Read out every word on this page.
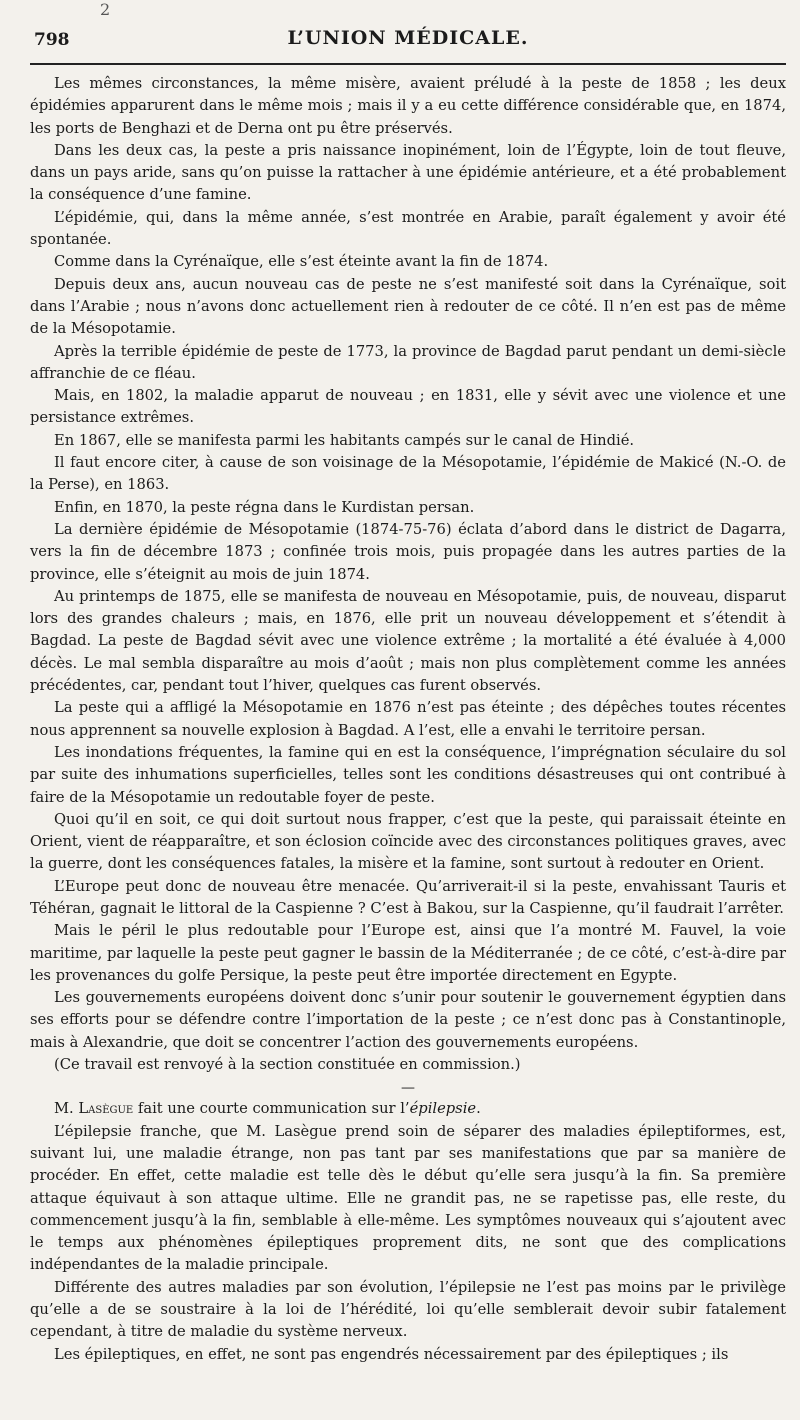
2
798	L’UNION MÉDICALE.

Les mêmes circonstances, la même misère, avaient préludé à la peste de 1858 ; les deux épidémies apparurent dans le même mois ; mais il y a eu cette différence considérable que, en 1874, les ports de Benghazi et de Derna ont pu être préservés.

Dans les deux cas, la peste a pris naissance inopinément, loin de l’Égypte, loin de tout fleuve, dans un pays aride, sans qu’on puisse la rattacher à une épidémie antérieure, et a été probablement la conséquence d’une famine.

L’épidémie, qui, dans la même année, s’est montrée en Arabie, paraît également y avoir été spontanée.

Comme dans la Cyrénaïque, elle s’est éteinte avant la fin de 1874.

Depuis deux ans, aucun nouveau cas de peste ne s’est manifesté soit dans la Cyrénaïque, soit dans l’Arabie ; nous n’avons donc actuellement rien à redouter de ce côté. Il n’en est pas de même de la Mésopotamie.

Après la terrible épidémie de peste de 1773, la province de Bagdad parut pendant un demi-siècle affranchie de ce fléau.

Mais, en 1802, la maladie apparut de nouveau ; en 1831, elle y sévit avec une violence et une persistance extrêmes.

En 1867, elle se manifesta parmi les habitants campés sur le canal de Hindié.

Il faut encore citer, à cause de son voisinage de la Mésopotamie, l’épidémie de Makicé (N.-O. de la Perse), en 1863.

Enfin, en 1870, la peste régna dans le Kurdistan persan.

La dernière épidémie de Mésopotamie (1874-75-76) éclata d’abord dans le district de Dagarra, vers la fin de décembre 1873 ; confinée trois mois, puis propagée dans les autres parties de la province, elle s’éteignit au mois de juin 1874.

Au printemps de 1875, elle se manifesta de nouveau en Mésopotamie, puis, de nouveau, disparut lors des grandes chaleurs ; mais, en 1876, elle prit un nouveau développement et s’étendit à Bagdad. La peste de Bagdad sévit avec une violence extrême ; la mortalité a été évaluée à 4,000 décès. Le mal sembla disparaître au mois d’août ; mais non plus complètement comme les années précédentes, car, pendant tout l’hiver, quelques cas furent observés.

La peste qui a affligé la Mésopotamie en 1876 n’est pas éteinte ; des dépêches toutes récentes nous apprennent sa nouvelle explosion à Bagdad. A l’est, elle a envahi le territoire persan.

Les inondations fréquentes, la famine qui en est la conséquence, l’imprégnation séculaire du sol par suite des inhumations superficielles, telles sont les conditions désastreuses qui ont contribué à faire de la Mésopotamie un redoutable foyer de peste.

Quoi qu’il en soit, ce qui doit surtout nous frapper, c’est que la peste, qui paraissait éteinte en Orient, vient de réapparaître, et son éclosion coïncide avec des circonstances politiques graves, avec la guerre, dont les conséquences fatales, la misère et la famine, sont surtout à redouter en Orient.

L’Europe peut donc de nouveau être menacée. Qu’arriverait-il si la peste, envahissant Tauris et Téhéran, gagnait le littoral de la Caspienne ? C’est à Bakou, sur la Caspienne, qu’il faudrait l’arrêter.

Mais le péril le plus redoutable pour l’Europe est, ainsi que l’a montré M. Fauvel, la voie maritime, par laquelle la peste peut gagner le bassin de la Méditerranée ; de ce côté, c’est-à-dire par les provenances du golfe Persique, la peste peut être importée directement en Egypte.

Les gouvernements européens doivent donc s’unir pour soutenir le gouvernement égyptien dans ses efforts pour se défendre contre l’importation de la peste ; ce n’est donc pas à Constantinople, mais à Alexandrie, que doit se concentrer l’action des gouvernements européens.

(Ce travail est renvoyé à la section constituée en commission.)

—

M. Lasègue fait une courte communication sur l’épilepsie.

L’épilepsie franche, que M. Lasègue prend soin de séparer des maladies épileptiformes, est, suivant lui, une maladie étrange, non pas tant par ses manifestations que par sa manière de procéder. En effet, cette maladie est telle dès le début qu’elle sera jusqu’à la fin. Sa première attaque équivaut à son attaque ultime. Elle ne grandit pas, ne se rapetisse pas, elle reste, du commencement jusqu’à la fin, semblable à elle-même. Les symptômes nouveaux qui s’ajoutent avec le temps aux phénomènes épileptiques proprement dits, ne sont que des complications indépendantes de la maladie principale.

Différente des autres maladies par son évolution, l’épilepsie ne l’est pas moins par le privilège qu’elle a de se soustraire à la loi de l’hérédité, loi qu’elle semblerait devoir subir fatalement cependant, à titre de maladie du système nerveux.

Les épileptiques, en effet, ne sont pas engendrés nécessairement par des épileptiques ; ils
